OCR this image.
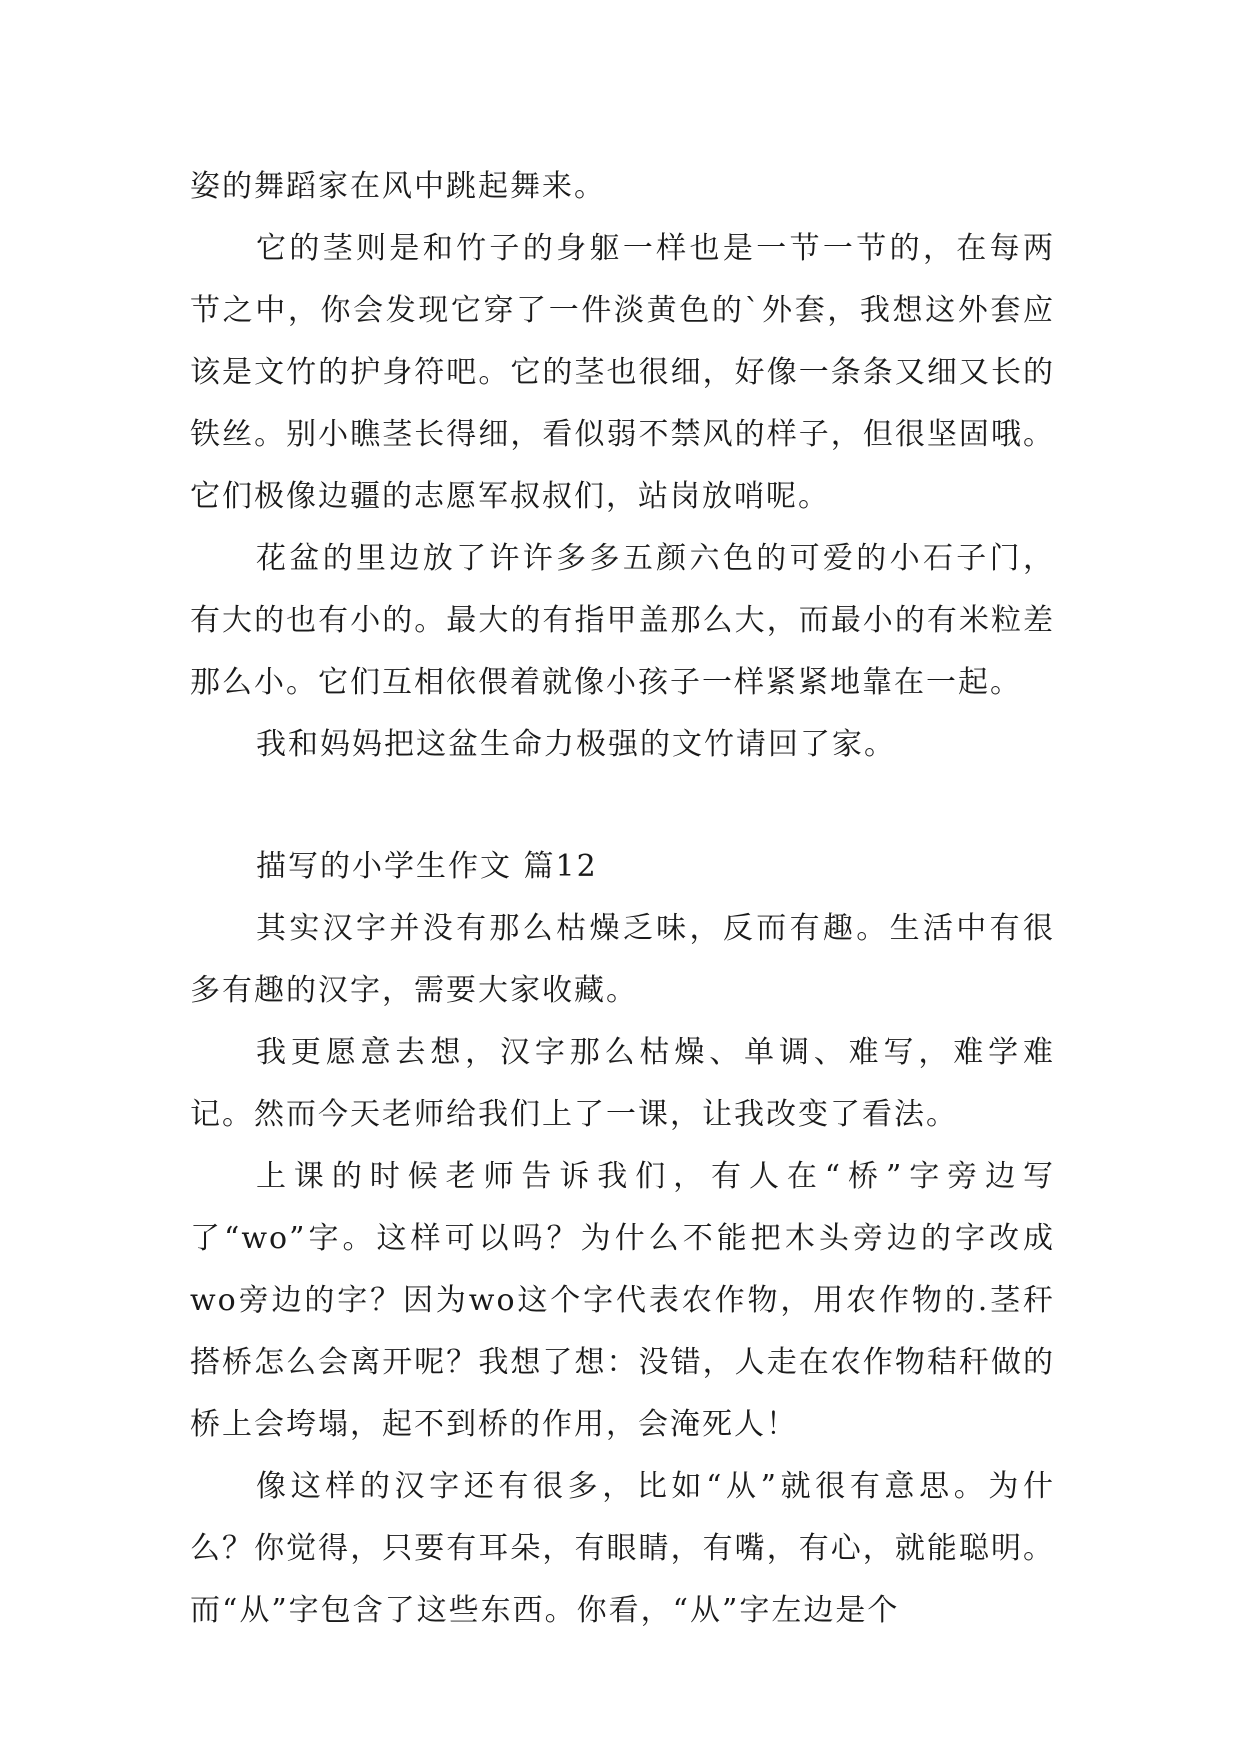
姿的舞蹈家在风中跳起舞来。

它的茎则是和竹子的身躯一样也是一节一节的，在每两节之中，你会发现它穿了一件淡黄色的`外套，我想这外套应该是文竹的护身符吧。它的茎也很细，好像一条条又细又长的铁丝。别小瞧茎长得细，看似弱不禁风的样子，但很坚固哦。它们极像边疆的志愿军叔叔们，站岗放哨呢。

花盆的里边放了许许多多五颜六色的可爱的小石子门，有大的也有小的。最大的有指甲盖那么大，而最小的有米粒差那么小。它们互相依偎着就像小孩子一样紧紧地靠在一起。

我和妈妈把这盆生命力极强的文竹请回了家。

描写的小学生作文 篇12

其实汉字并没有那么枯燥乏味，反而有趣。生活中有很多有趣的汉字，需要大家收藏。

我更愿意去想，汉字那么枯燥、单调、难写，难学难记。然而今天老师给我们上了一课，让我改变了看法。

上课的时候老师告诉我们，有人在“桥”字旁边写了“wo”字。这样可以吗？为什么不能把木头旁边的字改成wo旁边的字？因为wo这个字代表农作物，用农作物的.茎秆搭桥怎么会离开呢？我想了想：没错，人走在农作物秸秆做的桥上会垮塌，起不到桥的作用，会淹死人！

像这样的汉字还有很多，比如“从”就很有意思。为什么？你觉得，只要有耳朵，有眼睛，有嘴，有心，就能聪明。而“从”字包含了这些东西。你看，“从”字左边是个
